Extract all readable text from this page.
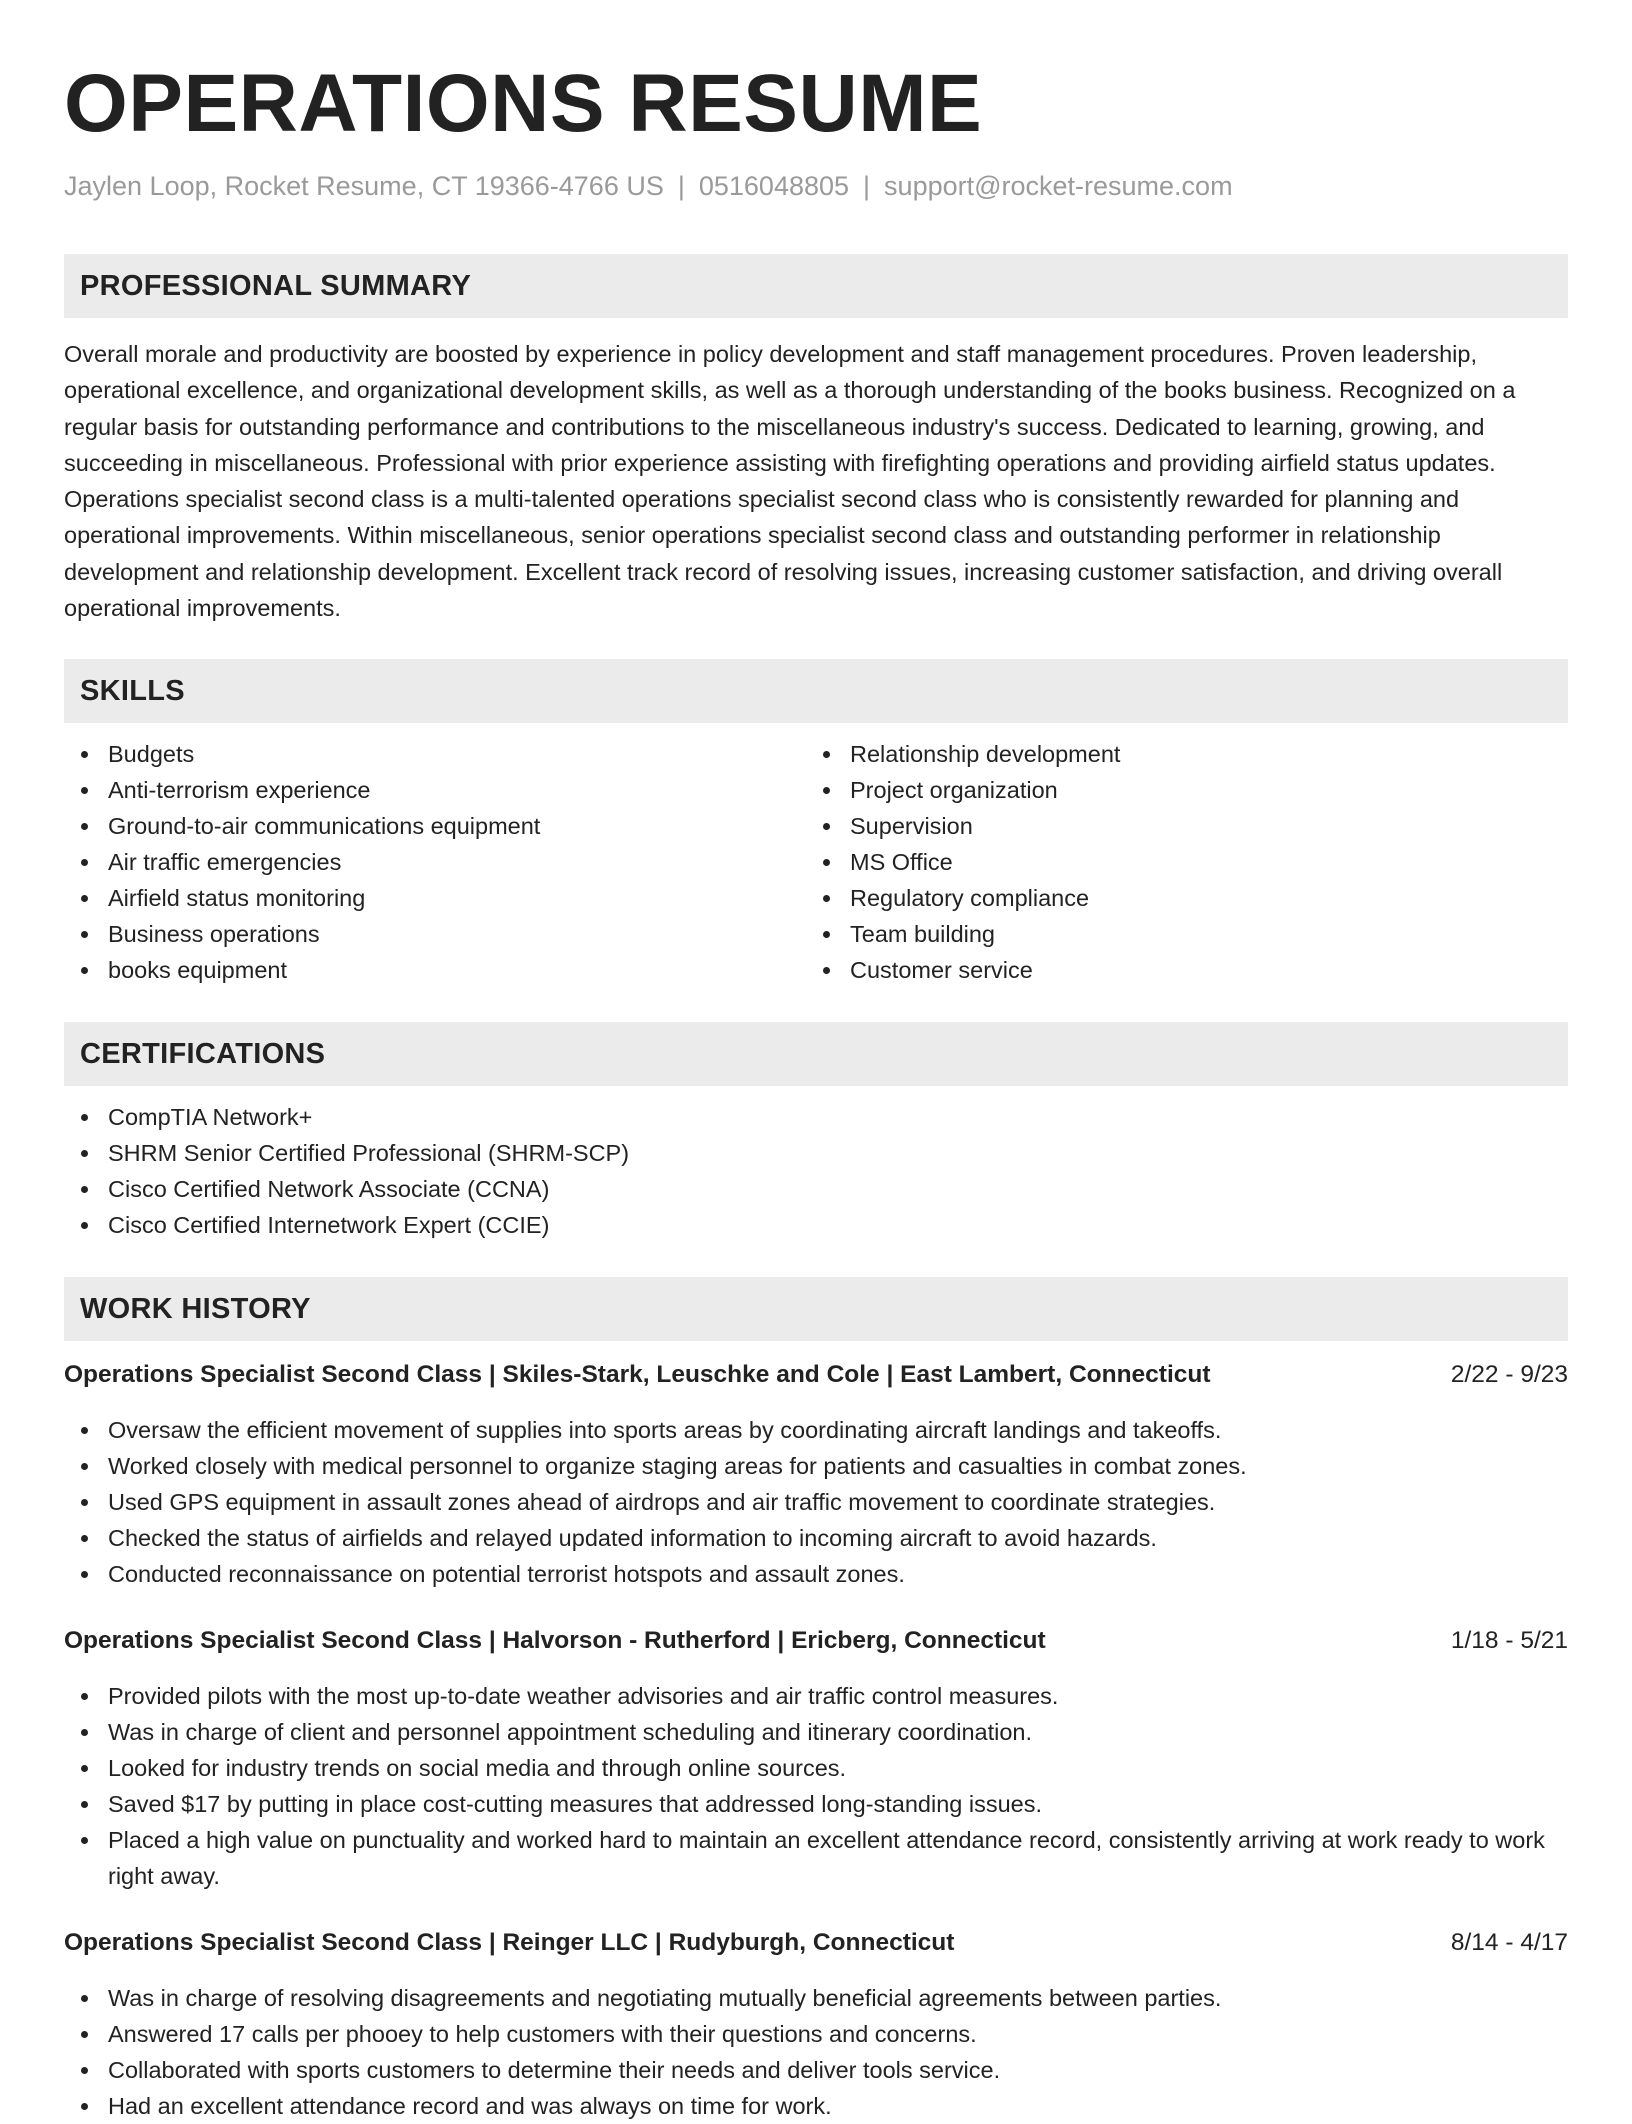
OPERATIONS RESUME
Jaylen Loop, Rocket Resume, CT 19366-4766 US | 0516048805 | support@rocket-resume.com
PROFESSIONAL SUMMARY

Overall morale and productivity are boosted by experience in policy development and staff management procedures. Proven leadership, operational excellence, and organizational development skills, as well as a thorough understanding of the books business. Recognized on a regular basis for outstanding performance and contributions to the miscellaneous industry's success. Dedicated to learning, growing, and succeeding in miscellaneous. Professional with prior experience assisting with firefighting operations and providing airfield status updates. Operations specialist second class is a multi-talented operations specialist second class who is consistently rewarded for planning and operational improvements. Within miscellaneous, senior operations specialist second class and outstanding performer in relationship development and relationship development. Excellent track record of resolving issues, increasing customer satisfaction, and driving overall operational improvements.

SKILLS
Budgets
Anti-terrorism experience
Ground-to-air communications equipment
Air traffic emergencies
Airfield status monitoring
Business operations
books equipment
Relationship development
Project organization
Supervision
MS Office
Regulatory compliance
Team building
Customer service
CERTIFICATIONS
CompTIA Network+
SHRM Senior Certified Professional (SHRM-SCP)
Cisco Certified Network Associate (CCNA)
Cisco Certified Internetwork Expert (CCIE)
WORK HISTORY
Operations Specialist Second Class | Skiles-Stark, Leuschke and Cole | East Lambert, Connecticut	2/22 - 9/23
Oversaw the efficient movement of supplies into sports areas by coordinating aircraft landings and takeoffs.
Worked closely with medical personnel to organize staging areas for patients and casualties in combat zones.
Used GPS equipment in assault zones ahead of airdrops and air traffic movement to coordinate strategies.
Checked the status of airfields and relayed updated information to incoming aircraft to avoid hazards.
Conducted reconnaissance on potential terrorist hotspots and assault zones.
Operations Specialist Second Class | Halvorson - Rutherford | Ericberg, Connecticut	1/18 - 5/21
Provided pilots with the most up-to-date weather advisories and air traffic control measures.
Was in charge of client and personnel appointment scheduling and itinerary coordination.
Looked for industry trends on social media and through online sources.
Saved $17 by putting in place cost-cutting measures that addressed long-standing issues.
Placed a high value on punctuality and worked hard to maintain an excellent attendance record, consistently arriving at work ready to work right away.
Operations Specialist Second Class | Reinger LLC | Rudyburgh, Connecticut	8/14 - 4/17
Was in charge of resolving disagreements and negotiating mutually beneficial agreements between parties.
Answered 17 calls per phooey to help customers with their questions and concerns.
Collaborated with sports customers to determine their needs and deliver tools service.
Had an excellent attendance record and was always on time for work.
